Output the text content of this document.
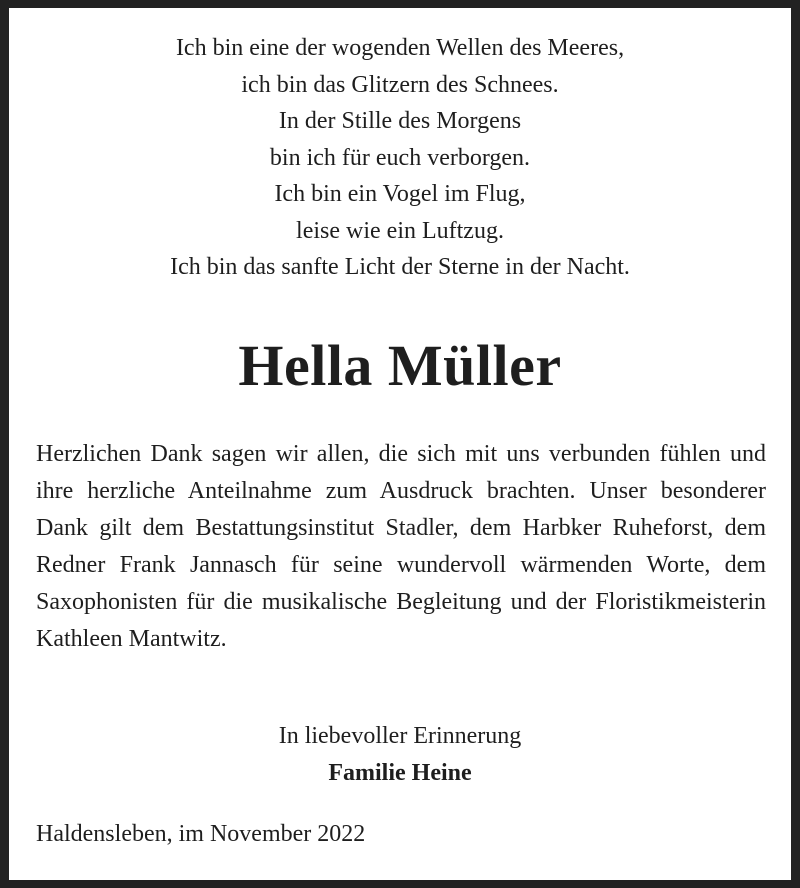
Ich bin eine der wogenden Wellen des Meeres,
ich bin das Glitzern des Schnees.
In der Stille des Morgens
bin ich für euch verborgen.
Ich bin ein Vogel im Flug,
leise wie ein Luftzug.
Ich bin das sanfte Licht der Sterne in der Nacht.
Hella Müller
Herzlichen Dank sagen wir allen, die sich mit uns verbunden fühlen und ihre herzliche Anteilnahme zum Ausdruck brachten. Unser besonderer Dank gilt dem Bestattungsinstitut Stadler, dem Harbker Ruheforst, dem Redner Frank Jannasch für seine wundervoll wärmenden Worte, dem Saxophonisten für die musikalische Begleitung und der Floristikmeisterin Kathleen Mantwitz.
In liebevoller Erinnerung
Familie Heine
Haldensleben, im November 2022
